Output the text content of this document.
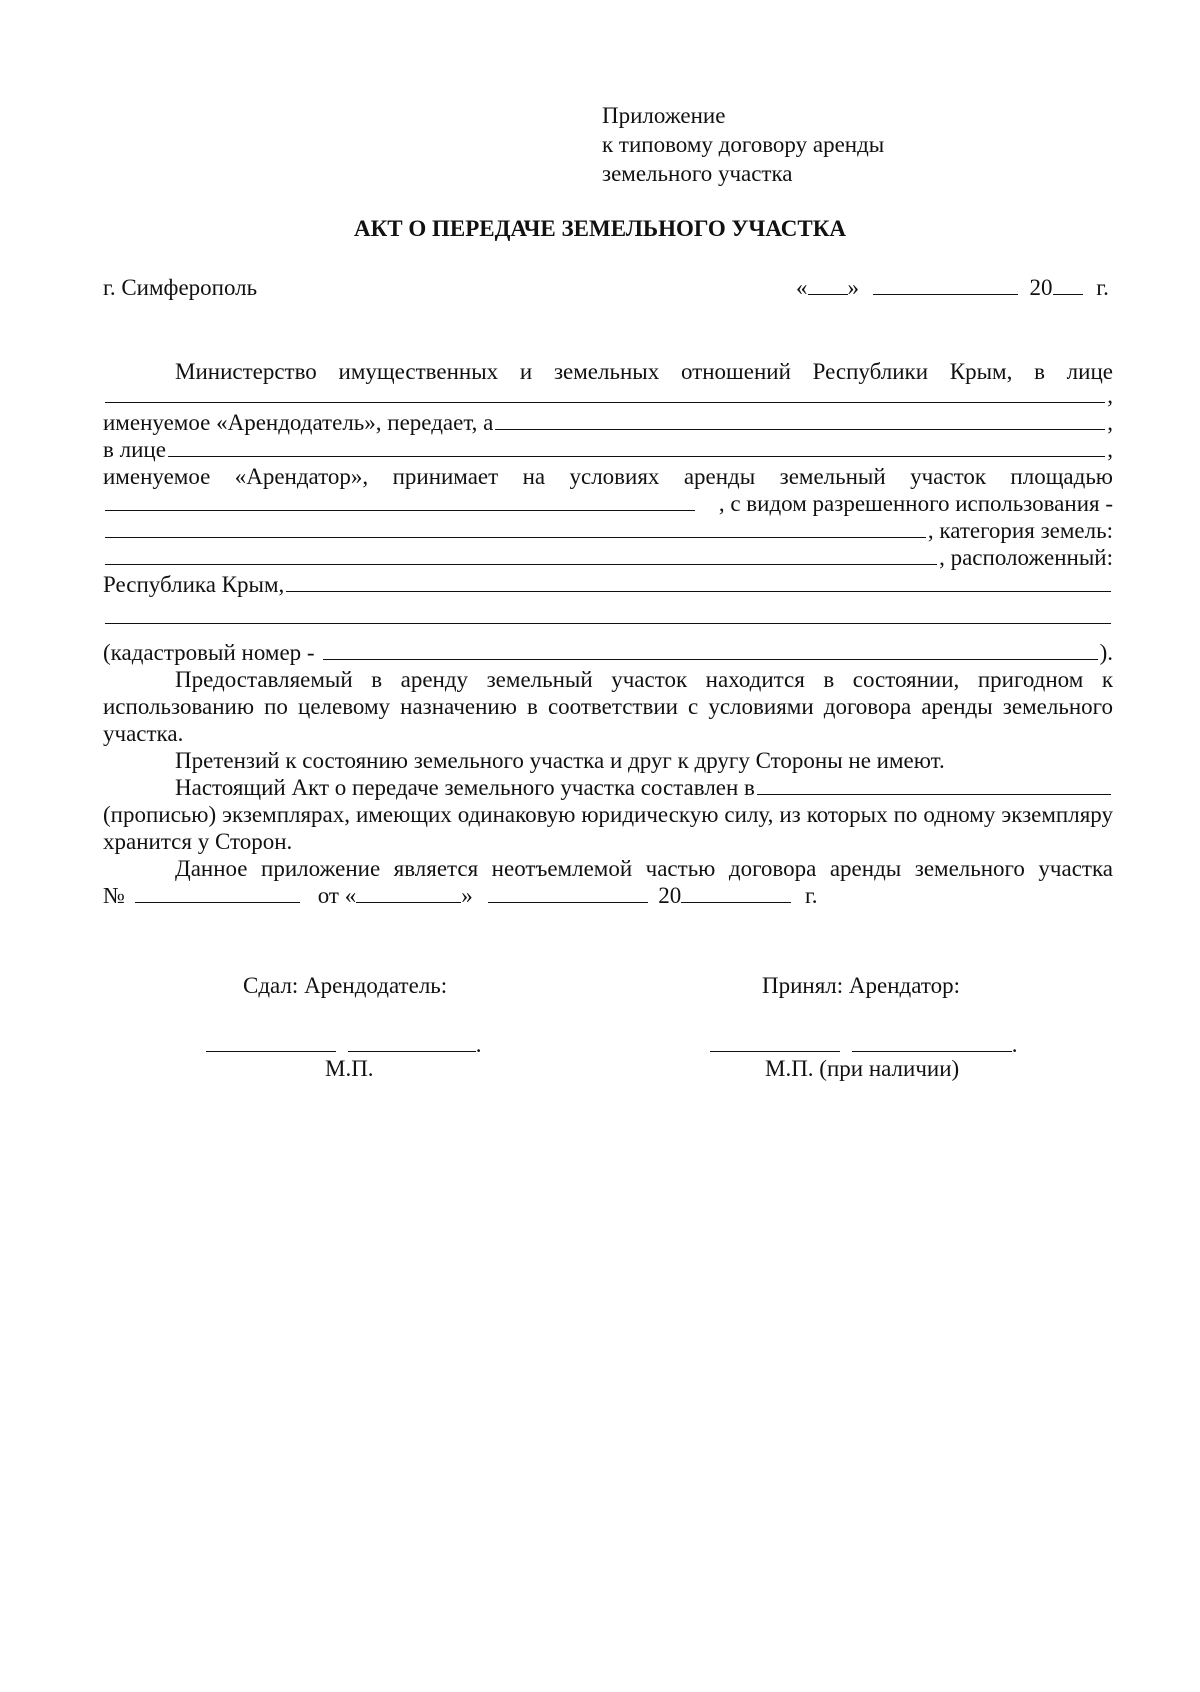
Приложение
к типовому договору аренды
земельного участка
АКТ О ПЕРЕДАЧЕ ЗЕМЕЛЬНОГО УЧАСТКА
г. Симферополь	« »	20 г.
Министерство имущественных и земельных отношений Республики Крым, в лице
,
именуемое «Арендодатель», передает, а	,
в лице	,
именуемое «Арендатор», принимает на условиях аренды земельный участок площадью
, с видом разрешенного использования -
, категория земель:
, расположенный:
Республика Крым,
(кадастровый номер -	).
Предоставляемый в аренду земельный участок находится в состоянии, пригодном к использованию по целевому назначению в соответствии с условиями договора аренды земельного участка.
Претензий к состоянию земельного участка и друг к другу Стороны не имеют.
Настоящий Акт о передаче земельного участка составлен в
(прописью) экземплярах, имеющих одинаковую юридическую силу, из которых по одному экземпляру хранится у Сторон.
Данное приложение является неотъемлемой частью договора аренды земельного участка
№	от «	»	20	г.
Сдал: Арендодатель:	Принял: Арендатор:
.	.
М.П.	М.П. (при наличии)
